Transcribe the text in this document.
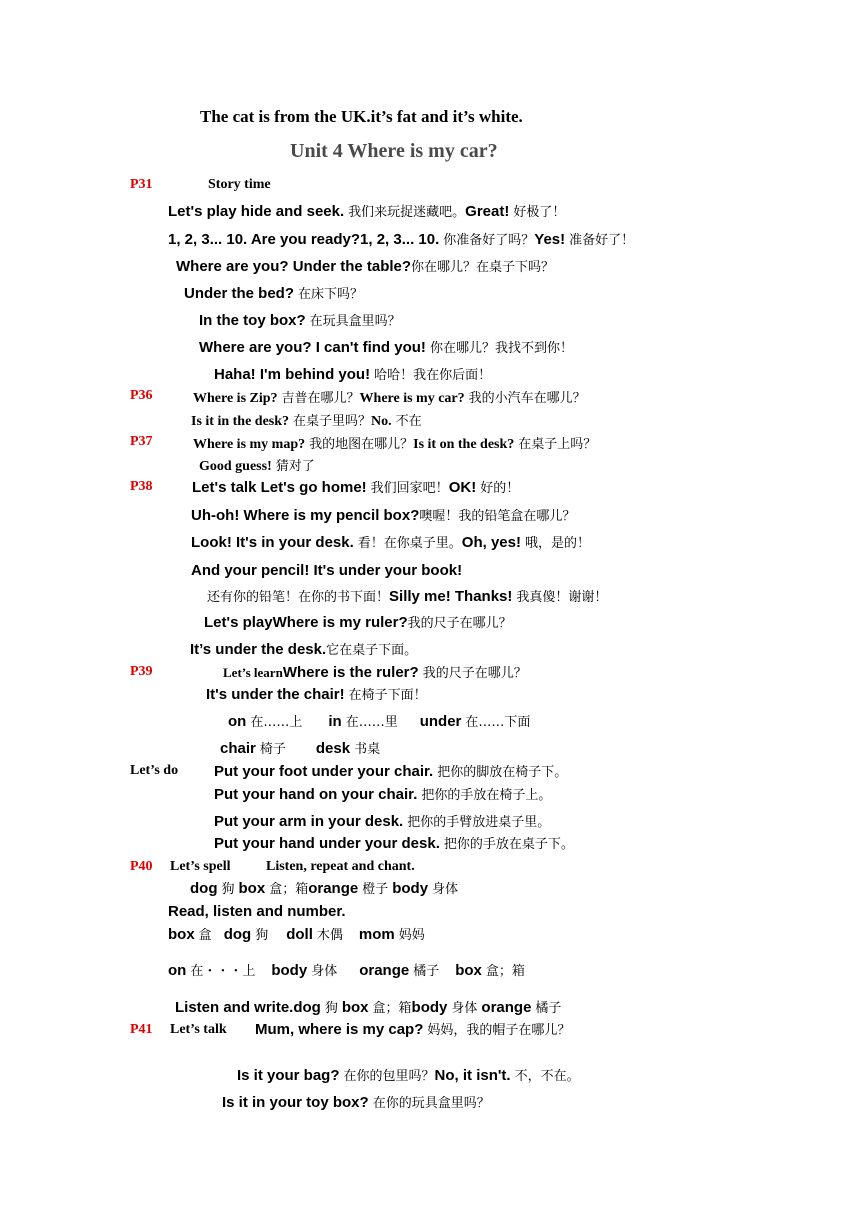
The cat is from the UK.it’s fat and it’s white.
Unit 4 Where is my car?
P31	Story time
Let's play hide and seek. 我们来玩捉迷藏吧。Great! 好极了！
1, 2, 3... 10. Are you ready?1, 2, 3... 10. 你准备好了吗？Yes! 准备好了！
Where are you? Under the table?你在哪儿？在桌子下吗？
Under the bed? 在床下吗？
In the toy box? 在玩具盒里吗？
Where are you? I can't find you! 你在哪儿？我找不到你！
Haha! I'm behind you! 哈哈！我在你后面！
P36	Where is Zip? 吉普在哪儿？Where is my car? 我的小汽车在哪儿？
Is it in the desk? 在桌子里吗？No. 不在
P37	Where is my map? 我的地图在哪儿？Is it on the desk? 在桌子上吗？
Good guess! 猜对了
P38	Let's talk Let's go home! 我们回家吧！OK! 好的！
Uh-oh! Where is my pencil box?噢喔！我的铅笔盒在哪儿？
Look! It's in your desk. 看！在你桌子里。Oh, yes! 哦，是的！
And your pencil! It's under your book!
还有你的铅笔！在你的书下面！Silly me! Thanks! 我真傻！谢谢！
Let's playWhere is my ruler?我的尺子在哪儿？
It’s under the desk.它在桌子下面。
P39	Let’s learnWhere is the ruler? 我的尺子在哪儿？
It's under the chair! 在椅子下面！
on 在……上 in 在……里 under 在……下面
chair 椅子 desk 书桌
Let’s do Put your foot under your chair. 把你的脚放在椅子下。
Put your hand on your chair. 把你的手放在椅子上。
Put your arm in your desk. 把你的手臂放进桌子里。
Put your hand under your desk. 把你的手放在桌子下。
P40 Let’s spell	Listen, repeat and chant.
dog 狗 box 盒；箱orange 橙子 body 身体
Read, listen and number.
box 盒 dog 狗 doll 木偶 mom 妈妈
on 在・・・上 body 身体 orange 橘子 box 盒；箱
Listen and write.dog 狗 box 盒；箱body 身体 orange 橘子
P41 Let’s talk Mum, where is my cap? 妈妈，我的帽子在哪儿？
Is it your bag? 在你的包里吗？No, it isn't. 不，不在。
Is it in your toy box? 在你的玩具盒里吗？
